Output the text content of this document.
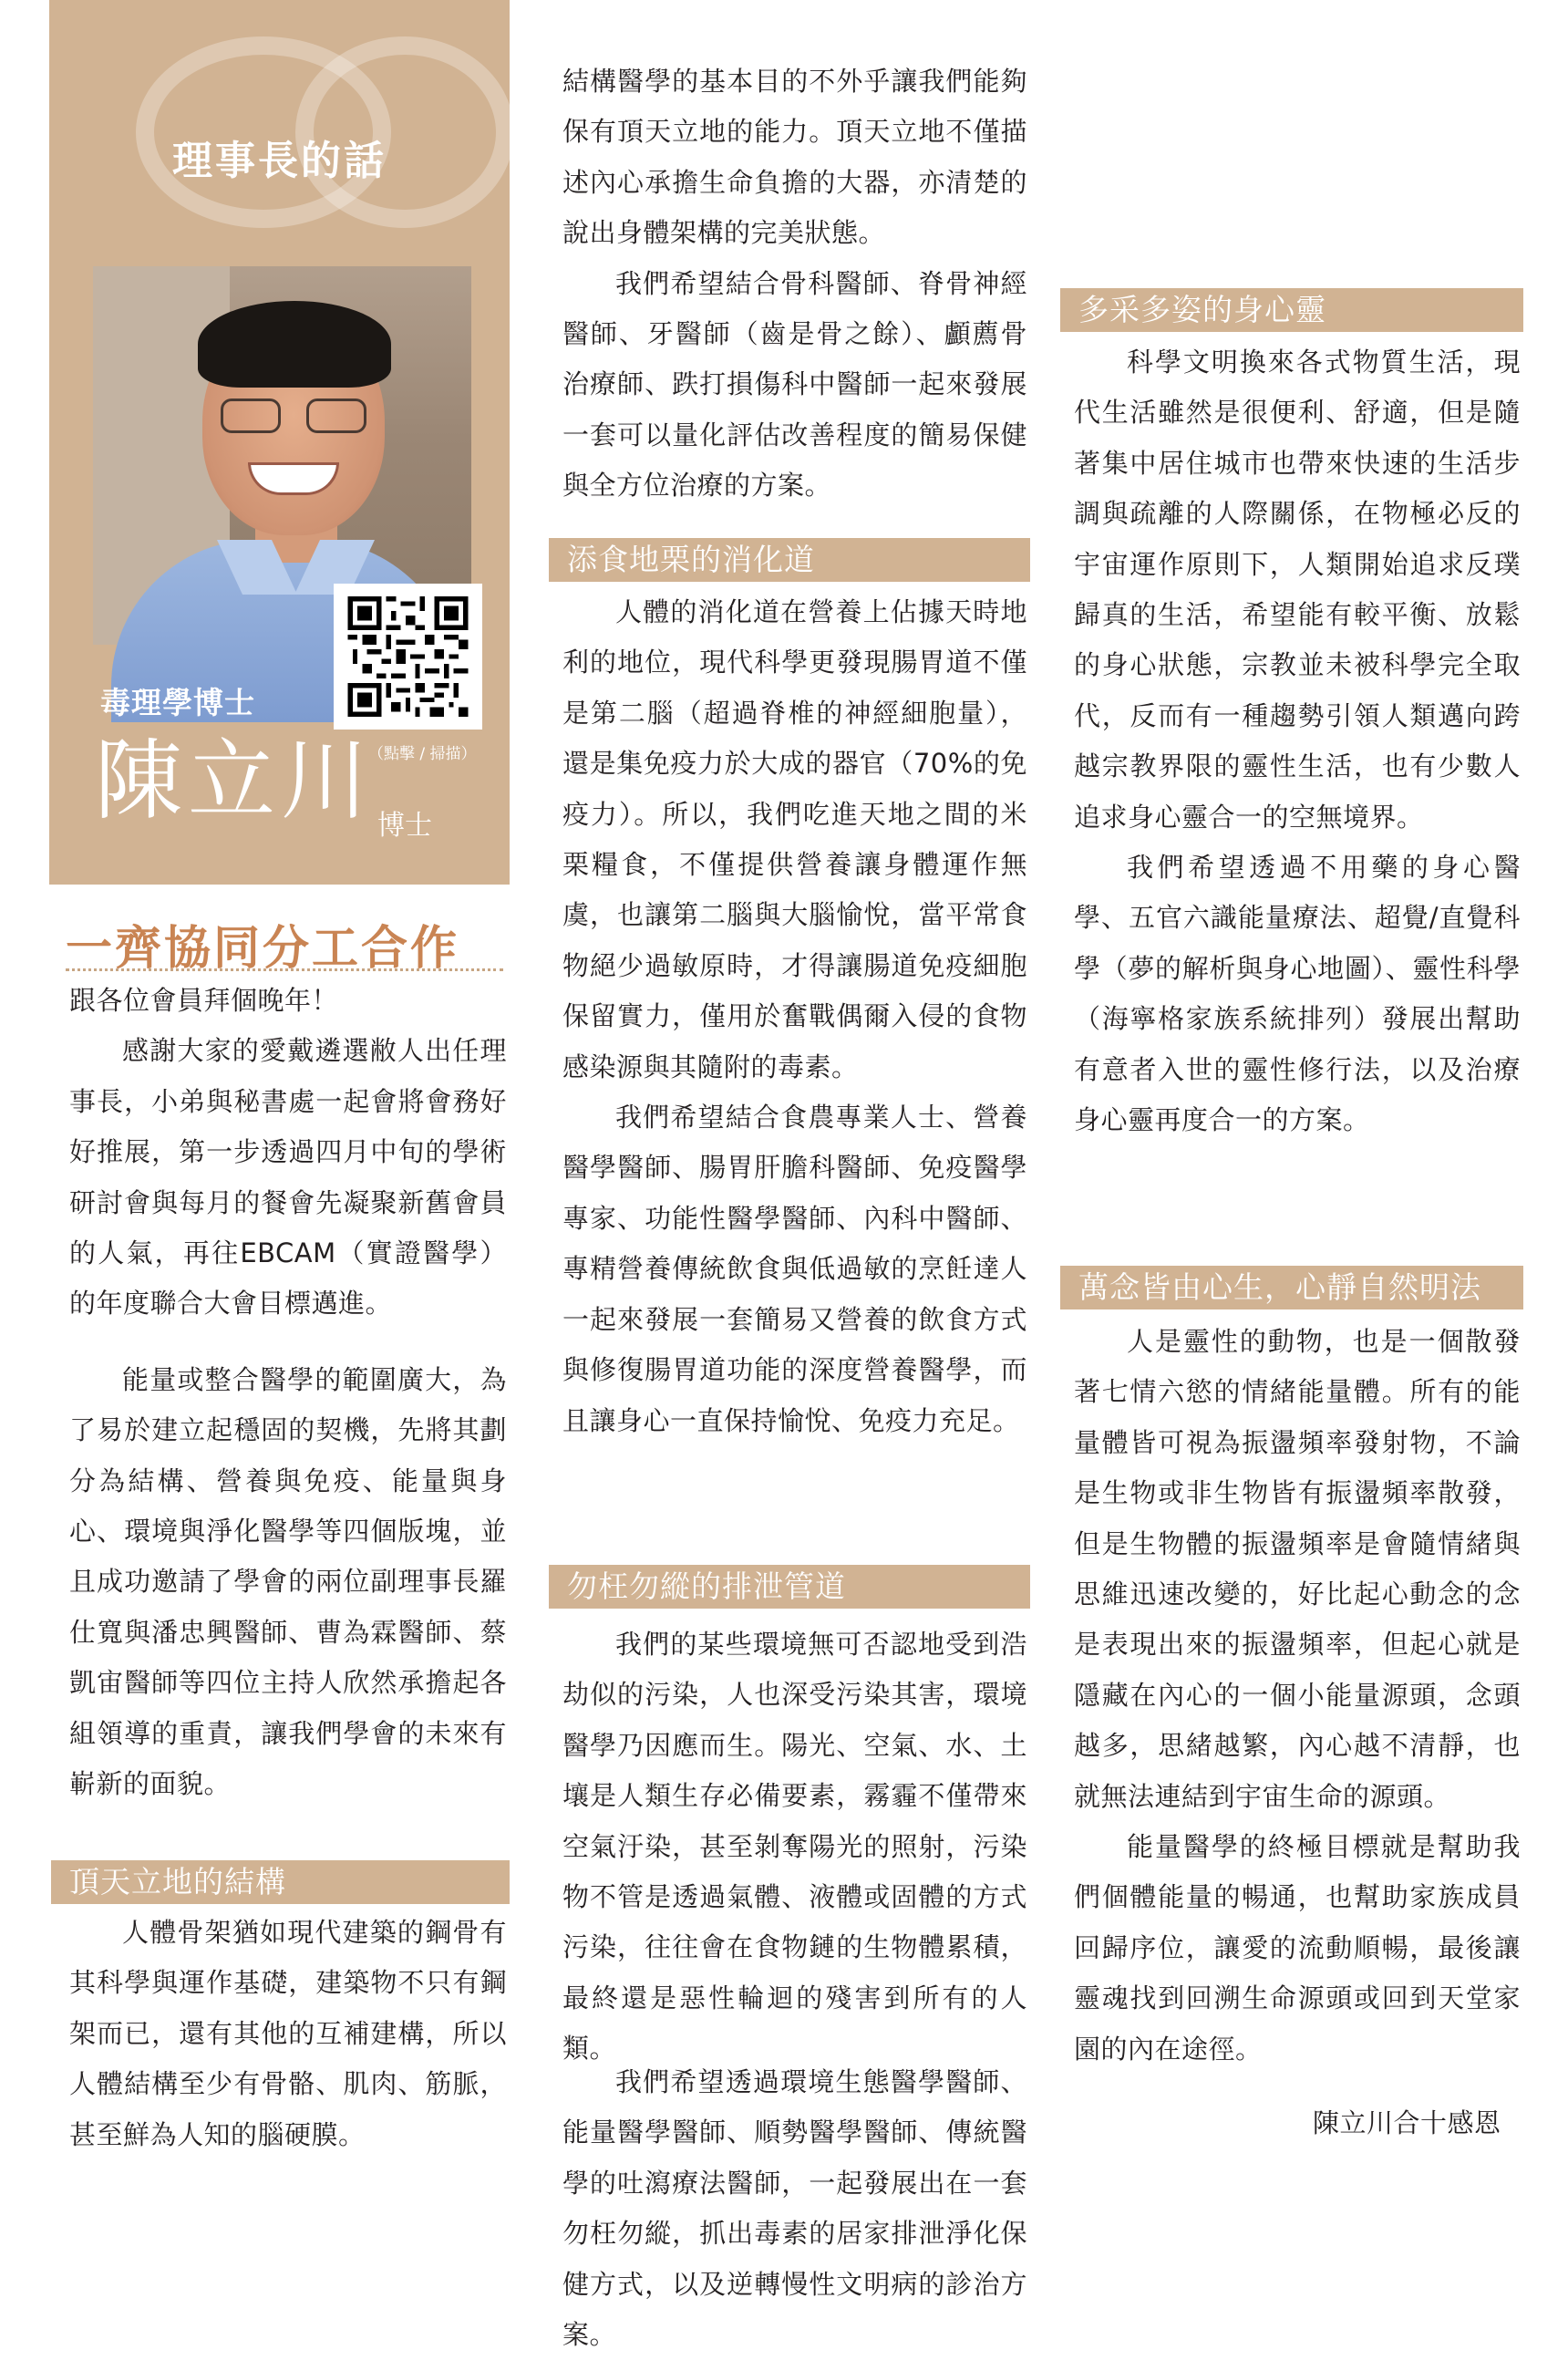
理事長的話
（點擊 / 掃描）
毒理學博士
陳立川 博士
一齊協同分工合作

跟各位會員拜個晚年！

感謝大家的愛戴遴選敝人出任理事長，小弟與秘書處一起會將會務好好推展，第一步透過四月中旬的學術研討會與每月的餐會先凝聚新舊會員的人氣，再往EBCAM（實證醫學）的年度聯合大會目標邁進。

能量或整合醫學的範圍廣大，為了易於建立起穩固的契機，先將其劃分為結構、營養與免疫、能量與身心、環境與淨化醫學等四個版塊，並且成功邀請了學會的兩位副理事長羅仕寬與潘忠興醫師、曹為霖醫師、蔡凱宙醫師等四位主持人欣然承擔起各組領導的重責，讓我們學會的未來有嶄新的面貌。

頂天立地的結構

人體骨架猶如現代建築的鋼骨有其科學與運作基礎，建築物不只有鋼架而已，還有其他的互補建構，所以人體結構至少有骨骼、肌肉、筋脈，甚至鮮為人知的腦硬膜。

結構醫學的基本目的不外乎讓我們能夠保有頂天立地的能力。頂天立地不僅描述內心承擔生命負擔的大器，亦清楚的說出身體架構的完美狀態。

我們希望結合骨科醫師、脊骨神經醫師、牙醫師（齒是骨之餘）、顱薦骨治療師、跌打損傷科中醫師一起來發展一套可以量化評估改善程度的簡易保健與全方位治療的方案。

添食地栗的消化道

人體的消化道在營養上佔據天時地利的地位，現代科學更發現腸胃道不僅是第二腦（超過脊椎的神經細胞量），還是集免疫力於大成的器官（70%的免疫力）。所以，我們吃進天地之間的米栗糧食，不僅提供營養讓身體運作無虞，也讓第二腦與大腦愉悅，當平常食物絕少過敏原時，才得讓腸道免疫細胞保留實力，僅用於奮戰偶爾入侵的食物感染源與其隨附的毒素。

我們希望結合食農專業人士、營養醫學醫師、腸胃肝膽科醫師、免疫醫學專家、功能性醫學醫師、內科中醫師、專精營養傳統飲食與低過敏的烹飪達人一起來發展一套簡易又營養的飲食方式與修復腸胃道功能的深度營養醫學，而且讓身心一直保持愉悅、免疫力充足。

勿枉勿縱的排泄管道

我們的某些環境無可否認地受到浩劫似的污染，人也深受污染其害，環境醫學乃因應而生。陽光、空氣、水、土壤是人類生存必備要素，霧霾不僅帶來空氣汙染，甚至剝奪陽光的照射，污染物不管是透過氣體、液體或固體的方式污染，往往會在食物鏈的生物體累積，最終還是惡性輪迴的殘害到所有的人類。

我們希望透過環境生態醫學醫師、能量醫學醫師、順勢醫學醫師、傳統醫學的吐瀉療法醫師，一起發展出在一套勿枉勿縱，抓出毒素的居家排泄淨化保健方式，以及逆轉慢性文明病的診治方案。

多采多姿的身心靈

科學文明換來各式物質生活，現代生活雖然是很便利、舒適，但是隨著集中居住城市也帶來快速的生活步調與疏離的人際關係，在物極必反的宇宙運作原則下，人類開始追求反璞歸真的生活，希望能有較平衡、放鬆的身心狀態，宗教並未被科學完全取代，反而有一種趨勢引領人類邁向跨越宗教界限的靈性生活，也有少數人追求身心靈合一的空無境界。

我們希望透過不用藥的身心醫學、五官六識能量療法、超覺/直覺科學（夢的解析與身心地圖）、靈性科學（海寧格家族系統排列）發展出幫助有意者入世的靈性修行法，以及治療身心靈再度合一的方案。

萬念皆由心生，心靜自然明法

人是靈性的動物，也是一個散發著七情六慾的情緒能量體。所有的能量體皆可視為振盪頻率發射物，不論是生物或非生物皆有振盪頻率散發，但是生物體的振盪頻率是會隨情緒與思維迅速改變的，好比起心動念的念是表現出來的振盪頻率，但起心就是隱藏在內心的一個小能量源頭，念頭越多，思緒越繁，內心越不清靜，也就無法連結到宇宙生命的源頭。

能量醫學的終極目標就是幫助我們個體能量的暢通，也幫助家族成員回歸序位，讓愛的流動順暢，最後讓靈魂找到回溯生命源頭或回到天堂家園的內在途徑。

陳立川合十感恩
